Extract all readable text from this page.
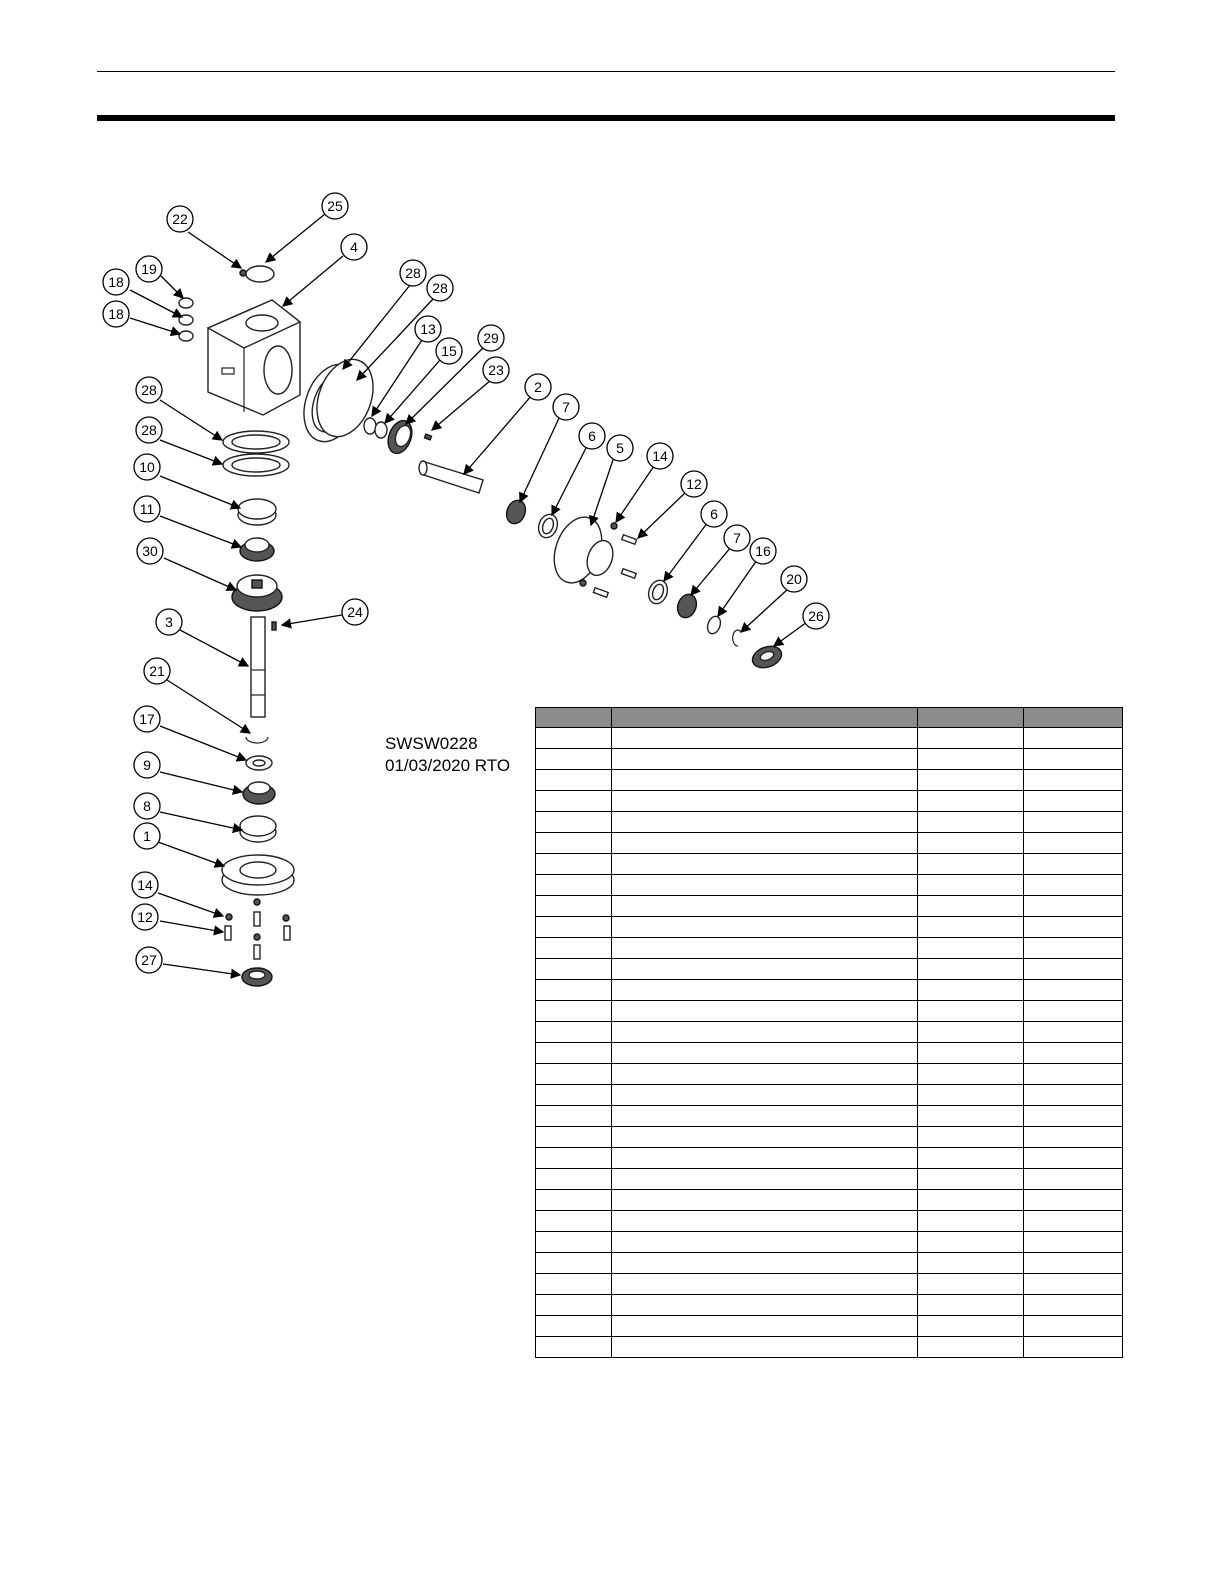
22
25
4
19
18
18
28
28
13
15
29
23
2
7
6
5 14
12
6
7
16
20
26
28
28
10
11
30
24
3
21
17
9
8
1
14
12
27
SWSW0228
01/03/2020 RTO
